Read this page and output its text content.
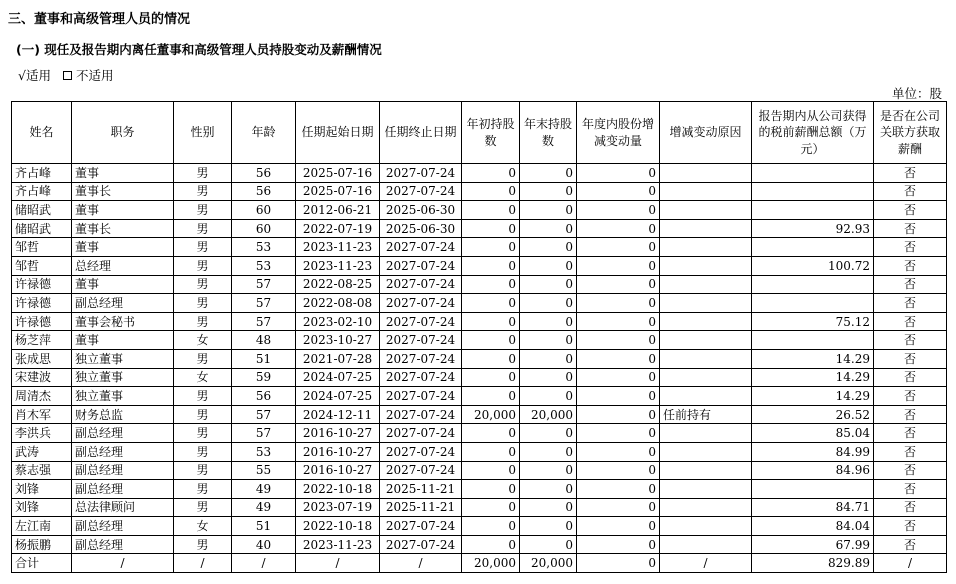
三、董事和高级管理人员的情况
(一) 现任及报告期内离任董事和高级管理人员持股变动及薪酬情况
√适用 不适用
单位：股
姓名	职务	性别	年龄	任期起始日期	任期终止日期	年初持股数	年末持股数	年度内股份增减变动量	增减变动原因	报告期内从公司获得的税前薪酬总额（万元）	是否在公司关联方获取薪酬
齐占峰	董事	男	56	2025-07-16	2027-07-24	0	0	0			否
齐占峰	董事长	男	56	2025-07-16	2027-07-24	0	0	0			否
储昭武	董事	男	60	2012-06-21	2025-06-30	0	0	0			否
储昭武	董事长	男	60	2022-07-19	2025-06-30	0	0	0		92.93	否
邹哲	董事	男	53	2023-11-23	2027-07-24	0	0	0			否
邹哲	总经理	男	53	2023-11-23	2027-07-24	0	0	0		100.72	否
许禄德	董事	男	57	2022-08-25	2027-07-24	0	0	0			否
许禄德	副总经理	男	57	2022-08-08	2027-07-24	0	0	0			否
许禄德	董事会秘书	男	57	2023-02-10	2027-07-24	0	0	0		75.12	否
杨芝萍	董事	女	48	2023-10-27	2027-07-24	0	0	0			否
张成思	独立董事	男	51	2021-07-28	2027-07-24	0	0	0		14.29	否
宋建波	独立董事	女	59	2024-07-25	2027-07-24	0	0	0		14.29	否
周清杰	独立董事	男	56	2024-07-25	2027-07-24	0	0	0		14.29	否
肖木军	财务总监	男	57	2024-12-11	2027-07-24	20,000	20,000	0	任前持有	26.52	否
李洪兵	副总经理	男	57	2016-10-27	2027-07-24	0	0	0		85.04	否
武涛	副总经理	男	53	2016-10-27	2027-07-24	0	0	0		84.99	否
蔡志强	副总经理	男	55	2016-10-27	2027-07-24	0	0	0		84.96	否
刘锋	副总经理	男	49	2022-10-18	2025-11-21	0	0	0			否
刘锋	总法律顾问	男	49	2023-07-19	2025-11-21	0	0	0		84.71	否
左江南	副总经理	女	51	2022-10-18	2027-07-24	0	0	0		84.04	否
杨振鹏	副总经理	男	40	2023-11-23	2027-07-24	0	0	0		67.99	否
合计	/	/	/	/	/	20,000	20,000	0	/	829.89	/
